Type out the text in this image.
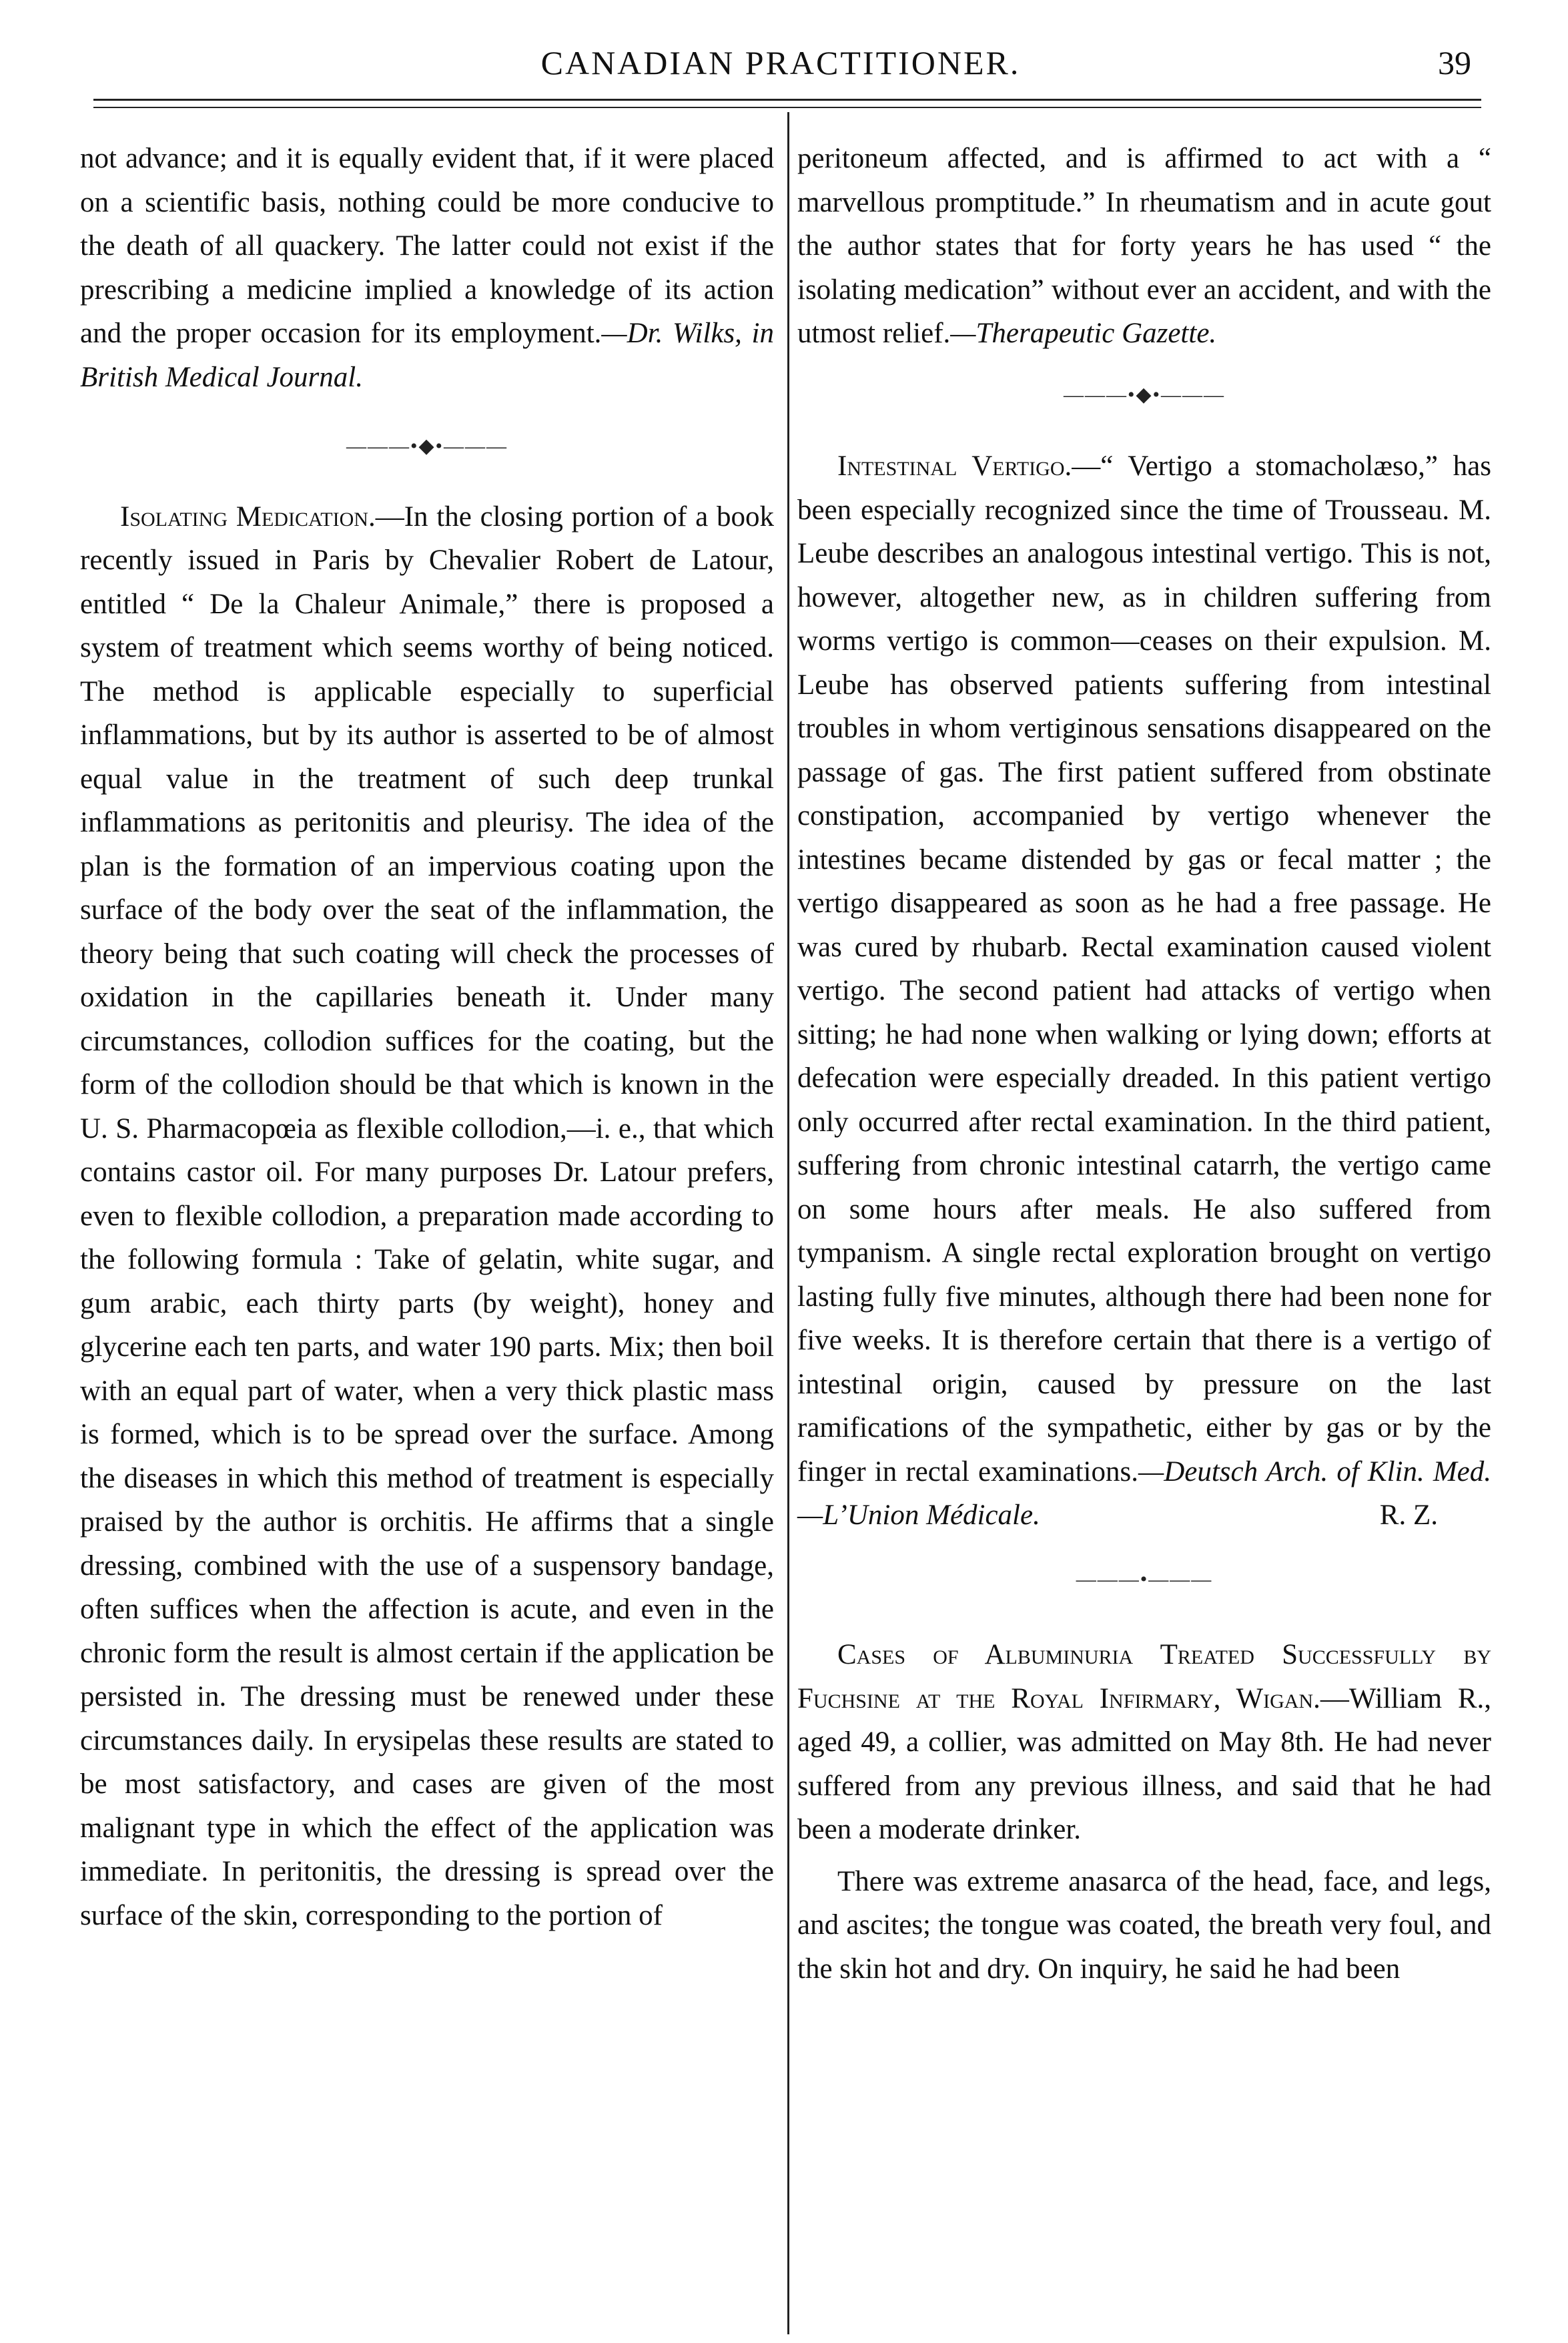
CANADIAN PRACTITIONER.	39

not advance; and it is equally evident that, if it were placed on a scientific basis, nothing could be more conducive to the death of all quackery. The latter could not exist if the prescribing a medicine implied a knowledge of its action and the proper occasion for its employment.—Dr. Wilks, in British Medical Journal.

———•◆•———

Isolating Medication.—In the closing portion of a book recently issued in Paris by Chevalier Robert de Latour, entitled “ De la Chaleur Animale,” there is proposed a system of treatment which seems worthy of being noticed. The method is applicable especially to superficial inflammations, but by its author is asserted to be of almost equal value in the treatment of such deep trunkal inflammations as peritonitis and pleurisy. The idea of the plan is the formation of an impervious coating upon the surface of the body over the seat of the inflammation, the theory being that such coating will check the processes of oxidation in the capillaries beneath it. Under many circumstances, collodion suffices for the coating, but the form of the collodion should be that which is known in the U. S. Pharmacopœia as flexible collodion,—i. e., that which contains castor oil. For many purposes Dr. Latour prefers, even to flexible collodion, a preparation made according to the following formula : Take of gelatin, white sugar, and gum arabic, each thirty parts (by weight), honey and glycerine each ten parts, and water 190 parts. Mix; then boil with an equal part of water, when a very thick plastic mass is formed, which is to be spread over the surface. Among the diseases in which this method of treatment is especially praised by the author is orchitis. He affirms that a single dressing, combined with the use of a suspensory bandage, often suffices when the affection is acute, and even in the chronic form the result is almost certain if the application be persisted in. The dressing must be renewed under these circumstances daily. In erysipelas these results are stated to be most satisfactory, and cases are given of the most malignant type in which the effect of the application was immediate. In peritonitis, the dressing is spread over the surface of the skin, corresponding to the portion of

peritoneum affected, and is affirmed to act with a “ marvellous promptitude.” In rheumatism and in acute gout the author states that for forty years he has used “ the isolating medication” without ever an accident, and with the utmost relief.—Therapeutic Gazette.

———•◆•———

Intestinal Vertigo.—“ Vertigo a stomacholæso,” has been especially recognized since the time of Trousseau. M. Leube describes an analogous intestinal vertigo. This is not, however, altogether new, as in children suffering from worms vertigo is common—ceases on their expulsion. M. Leube has observed patients suffering from intestinal troubles in whom vertiginous sensations disappeared on the passage of gas. The first patient suffered from obstinate constipation, accompanied by vertigo whenever the intestines became distended by gas or fecal matter ; the vertigo disappeared as soon as he had a free passage. He was cured by rhubarb. Rectal examination caused violent vertigo. The second patient had attacks of vertigo when sitting; he had none when walking or lying down; efforts at defecation were especially dreaded. In this patient vertigo only occurred after rectal examination. In the third patient, suffering from chronic intestinal catarrh, the vertigo came on some hours after meals. He also suffered from tympanism. A single rectal exploration brought on vertigo lasting fully five minutes, although there had been none for five weeks. It is therefore certain that there is a vertigo of intestinal origin, caused by pressure on the last ramifications of the sympathetic, either by gas or by the finger in rectal examinations.—Deutsch Arch. of Klin. Med.—L’Union Médicale.	R. Z.

———•———

Cases of Albuminuria Treated Successfully by Fuchsine at the Royal Infirmary, Wigan.—William R., aged 49, a collier, was admitted on May 8th. He had never suffered from any previous illness, and said that he had been a moderate drinker.

There was extreme anasarca of the head, face, and legs, and ascites; the tongue was coated, the breath very foul, and the skin hot and dry. On inquiry, he said he had been
